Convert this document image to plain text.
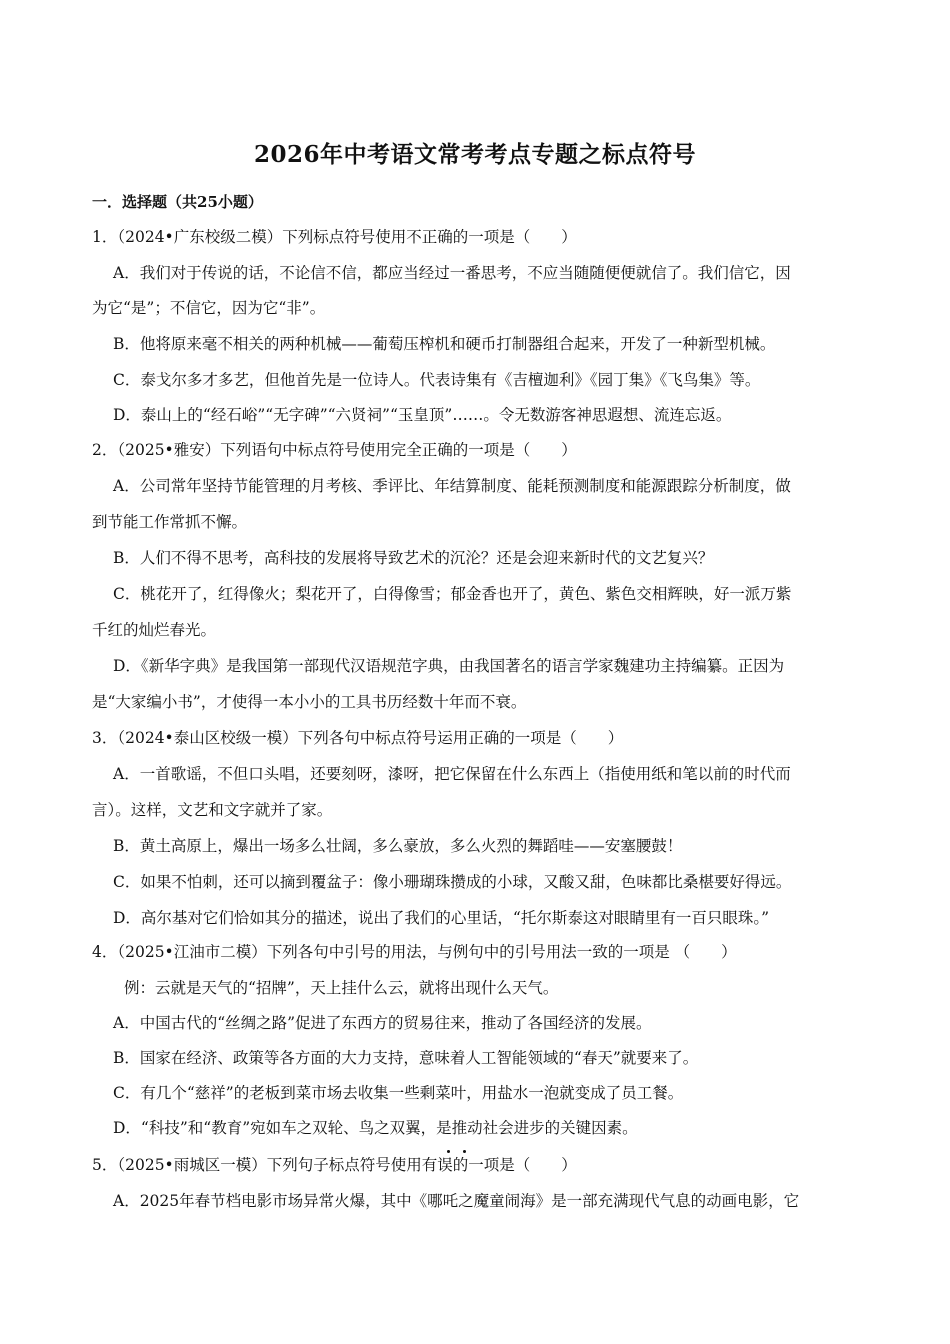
2026年中考语文常考考点专题之标点符号
一．选择题（共25小题）
1．（2024•广东校级二模）下列标点符号使用不正确的一项是（　　）
A．我们对于传说的话，不论信不信，都应当经过一番思考，不应当随随便便就信了。我们信它，因
为它“是”；不信它，因为它“非”。
B．他将原来毫不相关的两种机械——葡萄压榨机和硬币打制器组合起来，开发了一种新型机械。
C．泰戈尔多才多艺，但他首先是一位诗人。代表诗集有《吉檀迦利》《园丁集》《飞鸟集》等。
D．泰山上的“经石峪”“无字碑”“六贤祠”“玉皇顶”……。令无数游客神思遐想、流连忘返。
2．（2025•雅安）下列语句中标点符号使用完全正确的一项是（　　）
A．公司常年坚持节能管理的月考核、季评比、年结算制度、能耗预测制度和能源跟踪分析制度，做
到节能工作常抓不懈。
B．人们不得不思考，高科技的发展将导致艺术的沉沦？还是会迎来新时代的文艺复兴？
C．桃花开了，红得像火；梨花开了，白得像雪；郁金香也开了，黄色、紫色交相辉映，好一派万紫
千红的灿烂春光。
D．《新华字典》是我国第一部现代汉语规范字典，由我国著名的语言学家魏建功主持编纂。正因为
是“大家编小书”，才使得一本小小的工具书历经数十年而不衰。
3．（2024•泰山区校级一模）下列各句中标点符号运用正确的一项是（　　）
A．一首歌谣，不但口头唱，还要刻呀，漆呀，把它保留在什么东西上（指使用纸和笔以前的时代而
言）。这样，文艺和文字就并了家。
B．黄土高原上，爆出一场多么壮阔，多么豪放，多么火烈的舞蹈哇——安塞腰鼓！
C．如果不怕刺，还可以摘到覆盆子：像小珊瑚珠攒成的小球，又酸又甜，色味都比桑椹要好得远。
D．高尔基对它们恰如其分的描述，说出了我们的心里话，“托尔斯泰这对眼睛里有一百只眼珠。”
4．（2025•江油市二模）下列各句中引号的用法，与例句中的引号用法一致的一项是 （　　）
例：云就是天气的“招牌”，天上挂什么云，就将出现什么天气。
A．中国古代的“丝绸之路”促进了东西方的贸易往来，推动了各国经济的发展。
B．国家在经济、政策等各方面的大力支持，意味着人工智能领域的“春天”就要来了。
C．有几个“慈祥”的老板到菜市场去收集一些剩菜叶，用盐水一泡就变成了员工餐。
D．“科技”和“教育”宛如车之双轮、鸟之双翼，是推动社会进步的关键因素。
5．（2025•雨城区一模）下列句子标点符号使用有误的一项是（　　）
A．2025年春节档电影市场异常火爆，其中《哪吒之魔童闹海》是一部充满现代气息的动画电影，它
